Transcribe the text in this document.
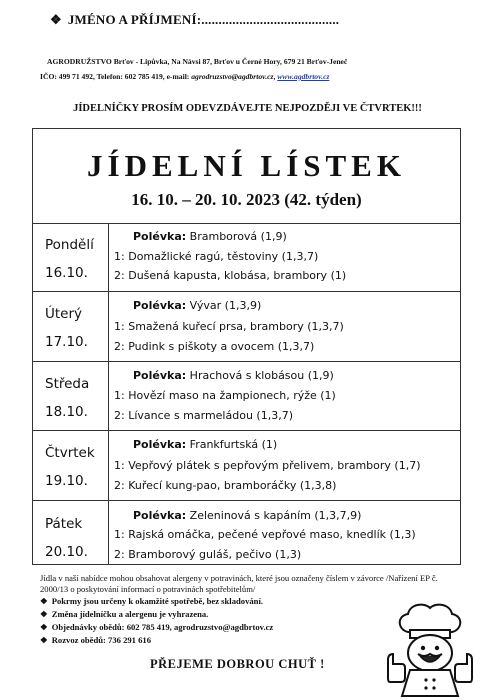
❖ JMÉNO A PŘÍJMENÍ:........................................
AGRODRUŽSTVO Brťov - Lipůvka, Na Návsi 87, Brťov u Černé Hory, 679 21 Brťov-Jeneč
IČO: 499 71 492, Telefon: 602 785 419, e-mail: agrodruzstvo@agdbrtov.cz, www.agdbrtov.cz
JÍDELNÍČKY PROSÍM ODEVZDÁVEJTE NEJPOZDĚJI VE ČTVRTEK!!!
JÍDELNÍ LÍSTEK
16. 10. – 20. 10. 2023 (42. týden)
Pondělí
16.10.
Polévka: Bramborová (1,9)
1: Domažlické ragú, těstoviny (1,3,7)
2: Dušená kapusta, klobása, brambory (1)
Úterý
17.10.
Polévka: Vývar (1,3,9)
1: Smažená kuřecí prsa, brambory (1,3,7)
2: Pudink s piškoty a ovocem (1,3,7)
Středa
18.10.
Polévka: Hrachová s klobásou (1,9)
1: Hovězí maso na žampionech, rýže (1)
2: Lívance s marmeládou (1,3,7)
Čtvrtek
19.10.
Polévka: Frankfurtská (1)
1: Vepřový plátek s pepřovým přelivem, brambory (1,7)
2: Kuřecí kung-pao, bramboráčky (1,3,8)
Pátek
20.10.
Polévka: Zeleninová s kapáním (1,3,7,9)
1: Rajská omáčka, pečené vepřové maso, knedlík (1,3)
2: Bramborový guláš, pečivo (1,3)
Jídla v naší nabídce mohou obsahovat alergeny v potravinách, které jsou označeny číslem v závorce /Nařízení EP č. 2000/13 o poskytování informací o potravinách spotřebitelům/
❖ Pokrmy jsou určeny k okamžité spotřebě, bez skladování.
❖ Změna jídelníčku a alergenu je vyhrazena.
❖ Objednávky obědů: 602 785 419, agrodruzstvo@agdbrtov.cz
❖ Rozvoz obědů: 736 291 616
PŘEJEME DOBROU CHUŤ !
